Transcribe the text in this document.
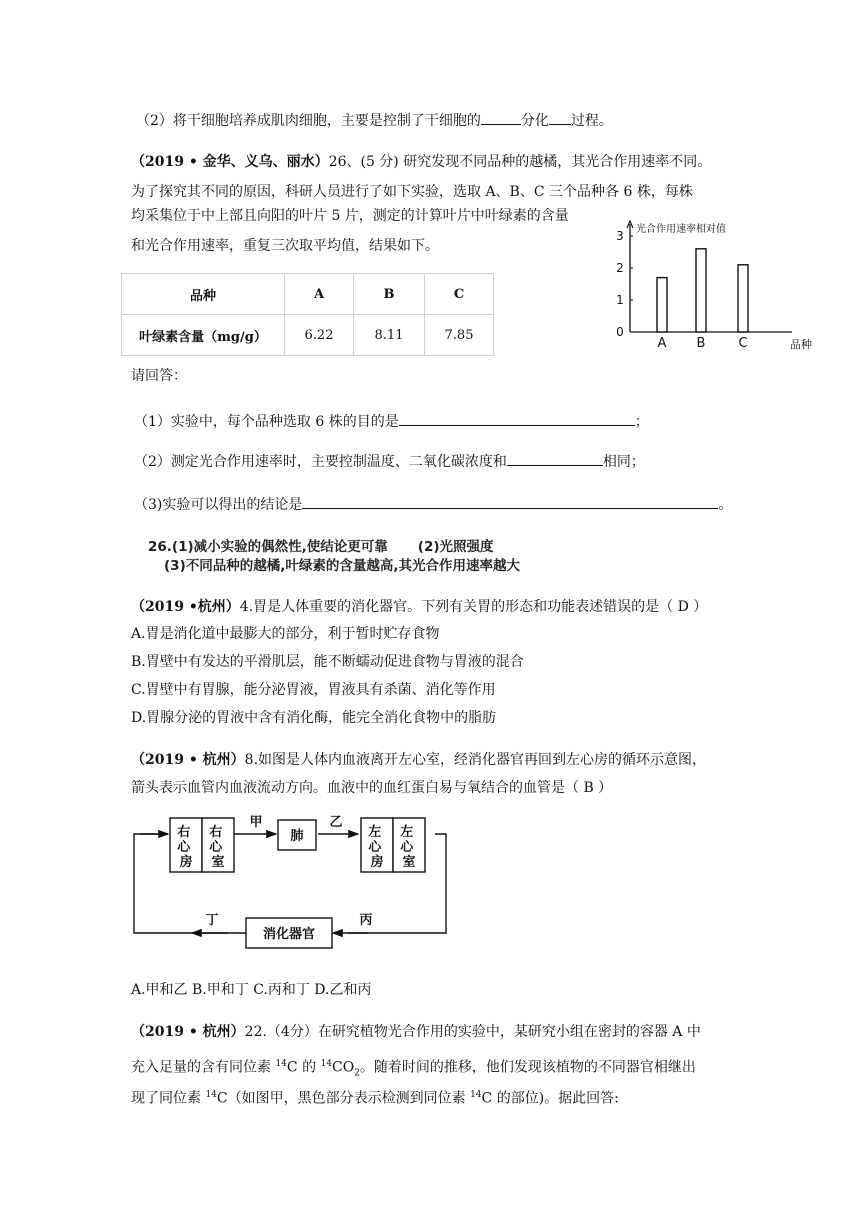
（2）将干细胞培养成肌肉细胞，主要是控制了干细胞的	分化 过程。
（2019 • 金华、义乌、丽水）26、(5 分) 研究发现不同品种的越橘，其光合作用速率不同。
为了探究其不同的原因，科研人员进行了如下实验，选取 A、B、C 三个品种各 6 株，每株
均采集位于中上部且向阳的叶片 5 片，测定的计算叶片中叶绿素的含量
和光合作用速率，重复三次取平均值，结果如下。
品种	A	B	C
叶绿素含量（mg/g）	6.22	8.11	7.85	0
1
2
3 光合作用速率相对值
A B	C	品种
请回答：
（1）实验中，每个品种选取 6 株的目的是	；
（2）测定光合作用速率时，主要控制温度、二氧化碳浓度和	相同；
（3)实验可以得出的结论是	。
26.(1)减小实验的偶然性,使结论更可靠 (2)光照强度
(3)不同品种的越橘,叶绿素的含量越高,其光合作用速率越大
（2019 •杭州）4.胃是人体重要的消化器官。下列有关胃的形态和功能表述错误的是（ D ）
A.胃是消化道中最膨大的部分，利于暂时贮存食物
B.胃壁中有发达的平滑肌层，能不断蠕动促进食物与胃液的混合
C.胃壁中有胃腺，能分泌胃液，胃液具有杀菌、消化等作用
D.胃腺分泌的胃液中含有消化酶，能完全消化食物中的脂肪
（2019 • 杭州）8.如图是人体内血液离开左心室，经消化器官再回到左心房的循环示意图，
箭头表示血管内血液流动方向。血液中的血红蛋白易与氧结合的血管是（ B ）
右 心 房
右 心 室
肺	左 心 房
左 心 室
消化器官
甲	乙
丙
丁
A.甲和乙 B.甲和丁 C.丙和丁 D.乙和丙
（2019 • 杭州）22.（4分）在研究植物光合作用的实验中，某研究小组在密封的容器 A 中
充入足量的含有同位素 $^{14}$C 的 $^{14}CO_2$。随着时间的推移，他们发现该植物的不同器官相继出
现了同位素 $^{14}$C（如图甲，黑色部分表示检测到同位素 $^{14}$C 的部位)。据此回答:
